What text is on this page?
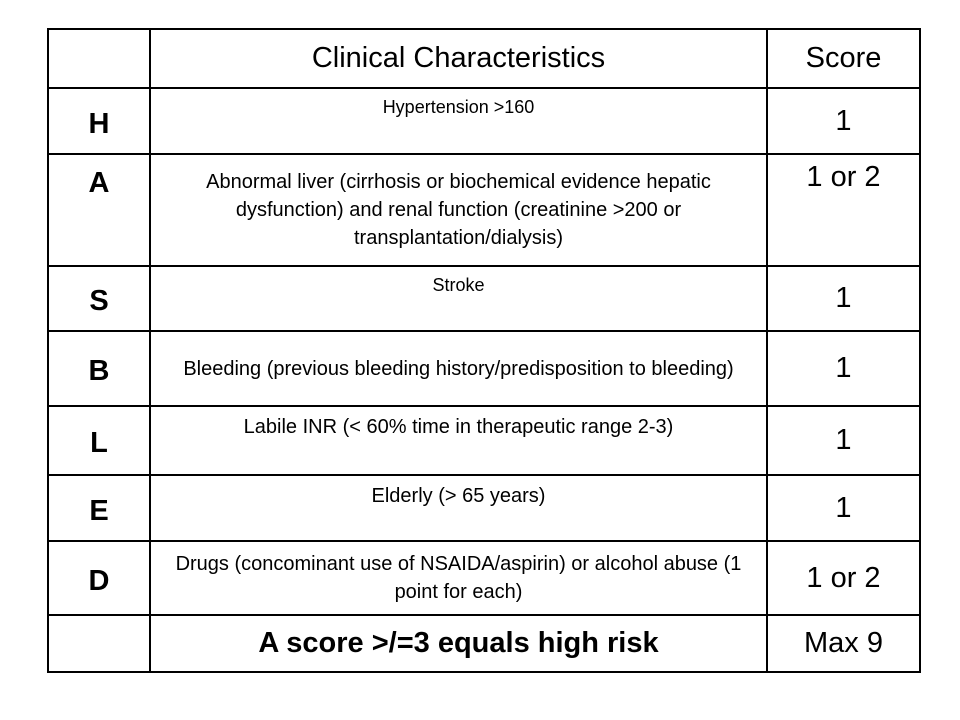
	Clinical Characteristics	Score

H	Hypertension >160	1

A	Abnormal liver (cirrhosis or biochemical evidence hepatic dysfunction) and renal function (creatinine >200 or transplantation/dialysis)	1 or 2

S	Stroke	1

B	Bleeding (previous bleeding history/predisposition to bleeding)	1

L	Labile INR (< 60% time in therapeutic range 2-3)	1

E	Elderly (> 65 years)	1

D	Drugs (concominant use of NSAIDA/aspirin) or alcohol abuse (1 point for each)	1 or 2

	A score >/=3 equals high risk	Max 9
